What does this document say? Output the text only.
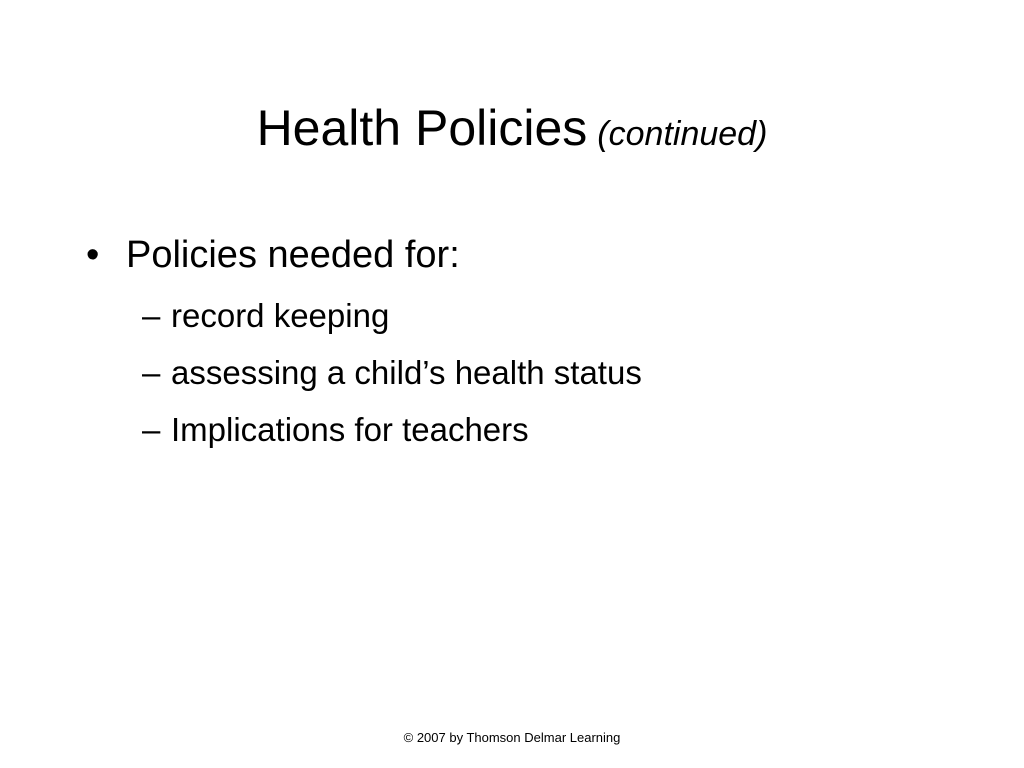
Health Policies (continued)
• Policies needed for:
– record keeping
– assessing a child’s health status
– Implications for teachers
© 2007 by Thomson Delmar Learning
